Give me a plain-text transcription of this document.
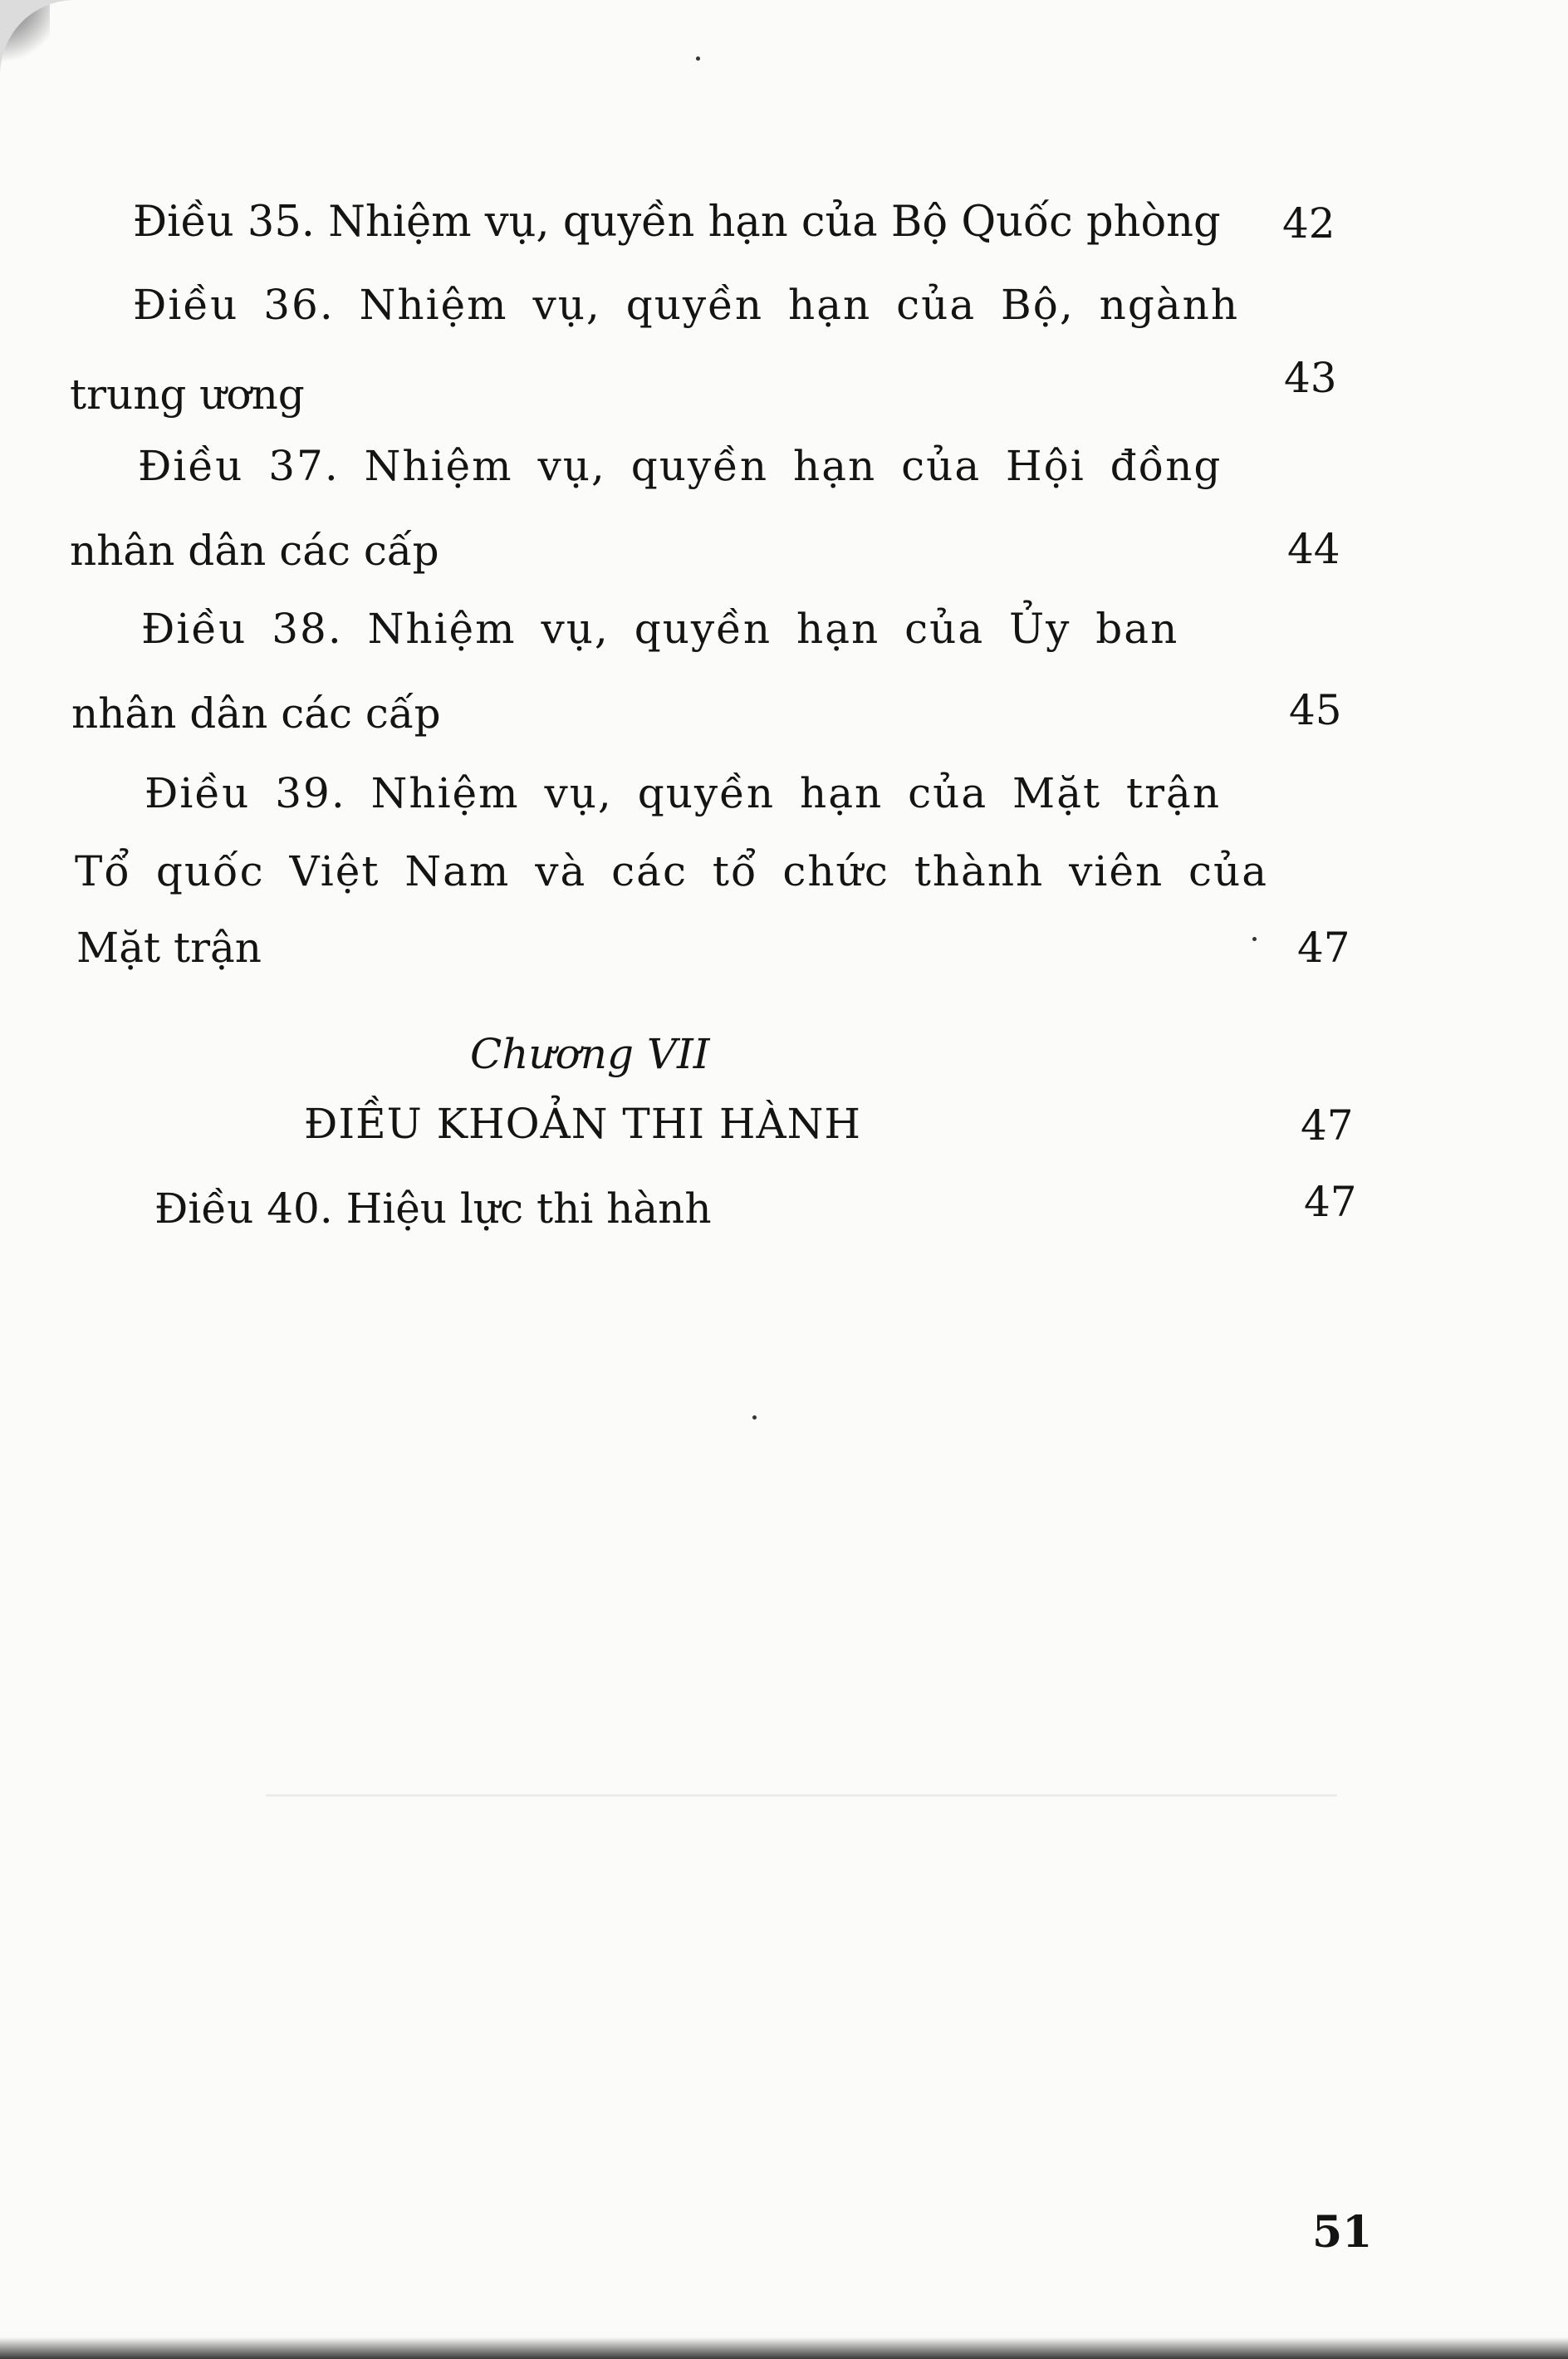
Điều 35. Nhiệm vụ, quyền hạn của Bộ Quốc phòng 42
Điều 36. Nhiệm vụ, quyền hạn của Bộ, ngành
trung ương	43
Điều 37. Nhiệm vụ, quyền hạn của Hội đồng
nhân dân các cấp	44
Điều 38. Nhiệm vụ, quyền hạn của Ủy ban
nhân dân các cấp	45
Điều 39. Nhiệm vụ, quyền hạn của Mặt trận
Tổ quốc Việt Nam và các tổ chức thành viên của
Mặt trận	47
Chương VII
ĐIỀU KHOẢN THI HÀNH	47
Điều 40. Hiệu lực thi hành	47
51
